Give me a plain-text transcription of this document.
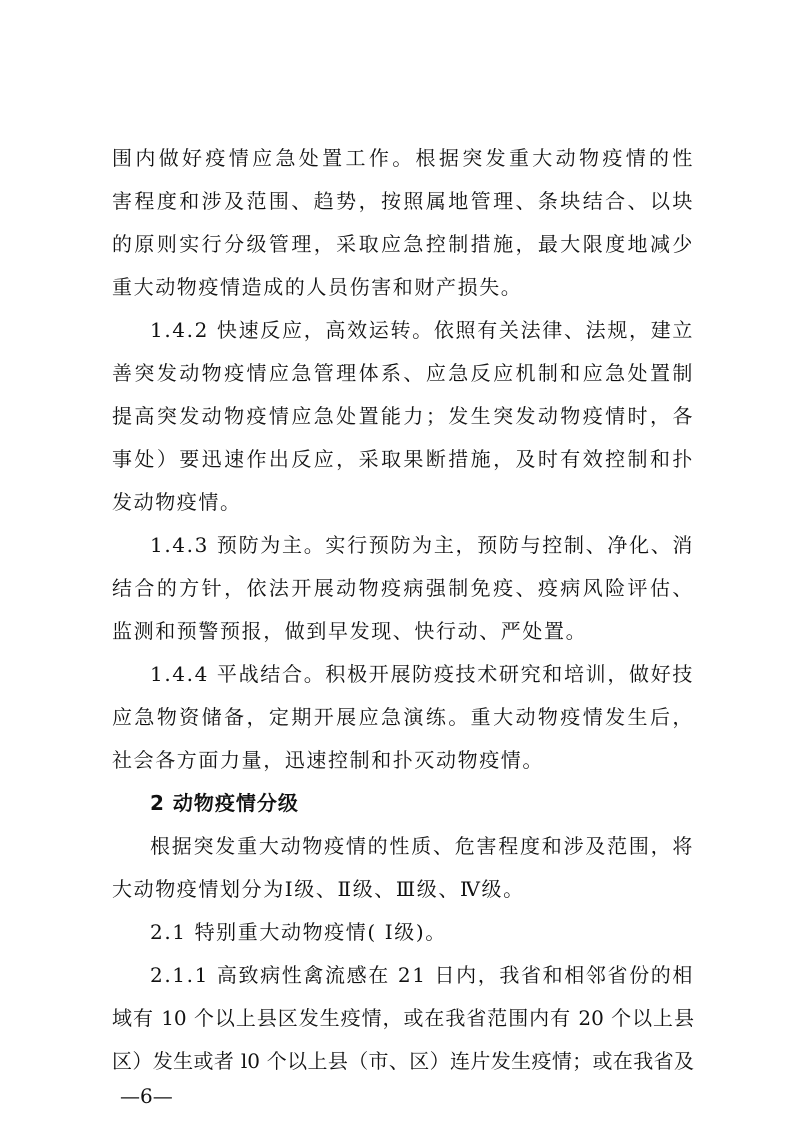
围内做好疫情应急处置工作。根据突发重大动物疫情的性
害程度和涉及范围、趋势，按照属地管理、条块结合、以块
的原则实行分级管理，采取应急控制措施，最大限度地减少
重大动物疫情造成的人员伤害和财产损失。
1.4.2 快速反应，高效运转。依照有关法律、法规，建立
善突发动物疫情应急管理体系、应急反应机制和应急处置制
提高突发动物疫情应急处置能力；发生突发动物疫情时，各
事处）要迅速作出反应，采取果断措施，及时有效控制和扑
发动物疫情。
1.4.3 预防为主。实行预防为主，预防与控制、净化、消
结合的方针，依法开展动物疫病强制免疫、疫病风险评估、
监测和预警预报，做到早发现、快行动、严处置。
1.4.4 平战结合。积极开展防疫技术研究和培训，做好技
应急物资储备，定期开展应急演练。重大动物疫情发生后，
社会各方面力量，迅速控制和扑灭动物疫情。
2 动物疫情分级
根据突发重大动物疫情的性质、危害程度和涉及范围，将
大动物疫情划分为Ⅰ级、Ⅱ级、Ⅲ级、Ⅳ级。
2.1 特别重大动物疫情( Ⅰ级)。
2.1.1 高致病性禽流感在 21 日内，我省和相邻省份的相
域有 10 个以上县区发生疫情，或在我省范围内有 20 个以上县
区）发生或者 l0 个以上县（市、区）连片发生疫情；或在我省及
—6—
